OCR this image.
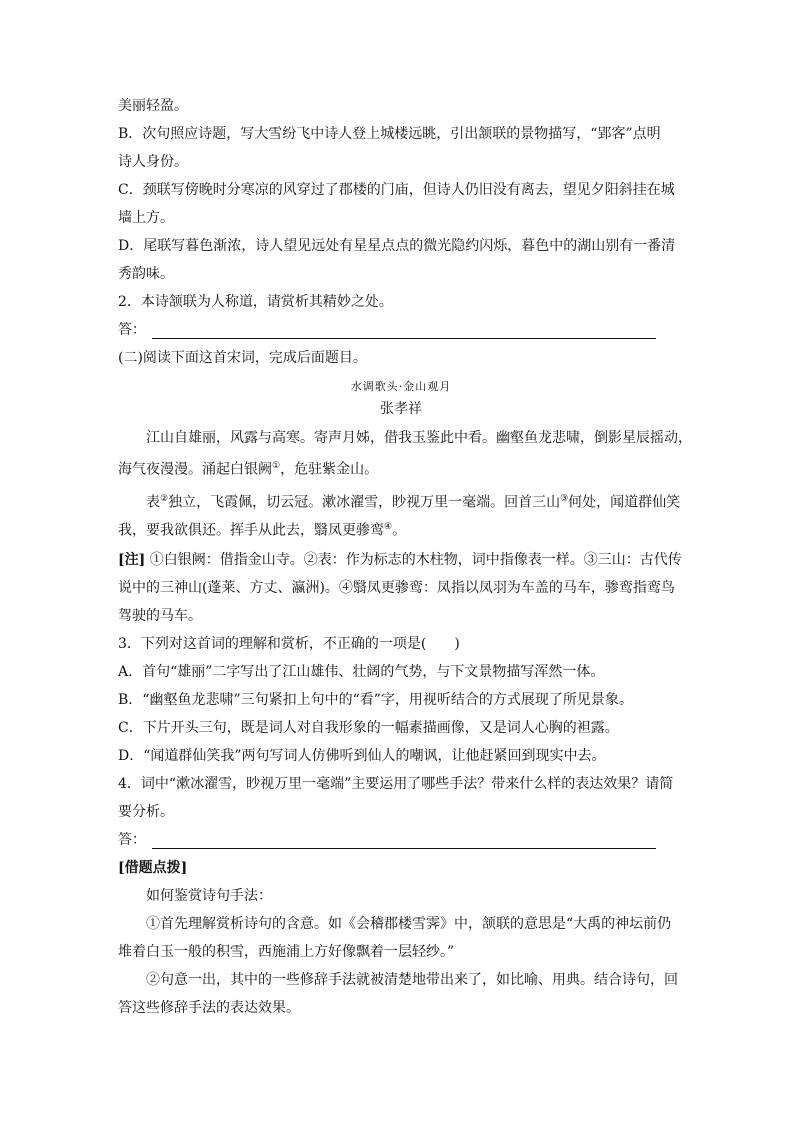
美丽轻盈。
B．次句照应诗题，写大雪纷飞中诗人登上城楼远眺，引出颔联的景物描写，“郢客”点明
诗人身份。
C．颈联写傍晚时分寒凉的风穿过了郡楼的门庙，但诗人仍旧没有离去，望见夕阳斜挂在城
墙上方。
D．尾联写暮色渐浓，诗人望见远处有星星点点的微光隐约闪烁，暮色中的湖山别有一番清
秀韵味。
2．本诗颔联为人称道，请赏析其精妙之处。
答：
(二)阅读下面这首宋词，完成后面题目。
水调歌头·金山观月
张孝祥
江山自雄丽，风露与高寒。寄声月姊，借我玉鉴此中看。幽壑鱼龙悲啸，倒影星辰摇动，
海气夜漫漫。涌起白银阙①，危驻紫金山。
表②独立，飞霞佩，切云冠。漱冰濯雪，眇视万里一毫端。回首三山③何处，闻道群仙笑
我，要我欲俱还。挥手从此去，翳凤更骖鸾④。
[注] ①白银阙：借指金山寺。②表：作为标志的木柱物，词中指像表一样。③三山：古代传
说中的三神山(蓬莱、方丈、瀛洲)。④翳凤更骖鸾：凤指以凤羽为车盖的马车，骖鸾指鸾鸟
驾驶的马车。
3．下列对这首词的理解和赏析，不正确的一项是(　　)
A．首句“雄丽”二字写出了江山雄伟、壮阔的气势，与下文景物描写浑然一体。
B．“幽壑鱼龙悲啸”三句紧扣上句中的“看”字，用视听结合的方式展现了所见景象。
C．下片开头三句，既是词人对自我形象的一幅素描画像，又是词人心胸的袒露。
D．“闻道群仙笑我”两句写词人仿佛听到仙人的嘲讽，让他赶紧回到现实中去。
4．词中“漱冰濯雪，眇视万里一毫端”主要运用了哪些手法？带来什么样的表达效果？请简
要分析。
答：
[借题点拨]
如何鉴赏诗句手法：
①首先理解赏析诗句的含意。如《会稽郡楼雪霁》中，颔联的意思是“大禹的神坛前仍
堆着白玉一般的积雪，西施浦上方好像飘着一层轻纱。”
②句意一出，其中的一些修辞手法就被清楚地带出来了，如比喻、用典。结合诗句，回
答这些修辞手法的表达效果。
